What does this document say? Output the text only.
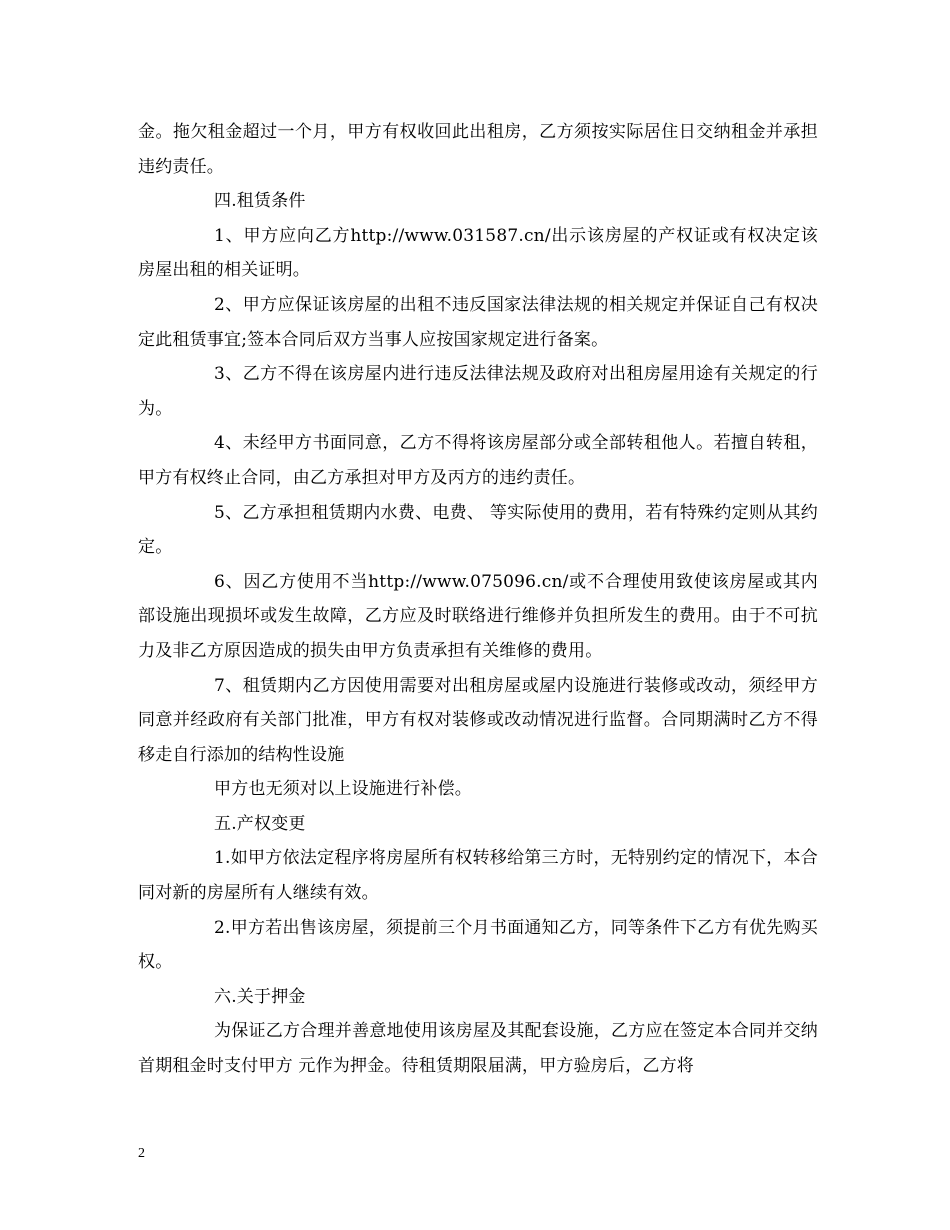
金。拖欠租金超过一个月，甲方有权收回此出租房，乙方须按实际居住日交纳租金并承担违约责任。

四.租赁条件

1、甲方应向乙方http://www.031587.cn/出示该房屋的产权证或有权决定该房屋出租的相关证明。

2、甲方应保证该房屋的出租不违反国家法律法规的相关规定并保证自己有权决定此租赁事宜;签本合同后双方当事人应按国家规定进行备案。

3、乙方不得在该房屋内进行违反法律法规及政府对出租房屋用途有关规定的行为。

4、未经甲方书面同意，乙方不得将该房屋部分或全部转租他人。若擅自转租，甲方有权终止合同，由乙方承担对甲方及丙方的违约责任。

5、乙方承担租赁期内水费、电费、 等实际使用的费用，若有特殊约定则从其约定。

6、因乙方使用不当http://www.075096.cn/或不合理使用致使该房屋或其内部设施出现损坏或发生故障，乙方应及时联络进行维修并负担所发生的费用。由于不可抗力及非乙方原因造成的损失由甲方负责承担有关维修的费用。

7、租赁期内乙方因使用需要对出租房屋或屋内设施进行装修或改动，须经甲方同意并经政府有关部门批准，甲方有权对装修或改动情况进行监督。合同期满时乙方不得移走自行添加的结构性设施

甲方也无须对以上设施进行补偿。

五.产权变更

1.如甲方依法定程序将房屋所有权转移给第三方时，无特别约定的情况下，本合同对新的房屋所有人继续有效。

2.甲方若出售该房屋，须提前三个月书面通知乙方，同等条件下乙方有优先购买权。

六.关于押金

为保证乙方合理并善意地使用该房屋及其配套设施，乙方应在签定本合同并交纳首期租金时支付甲方 元作为押金。待租赁期限届满，甲方验房后，乙方将

2
